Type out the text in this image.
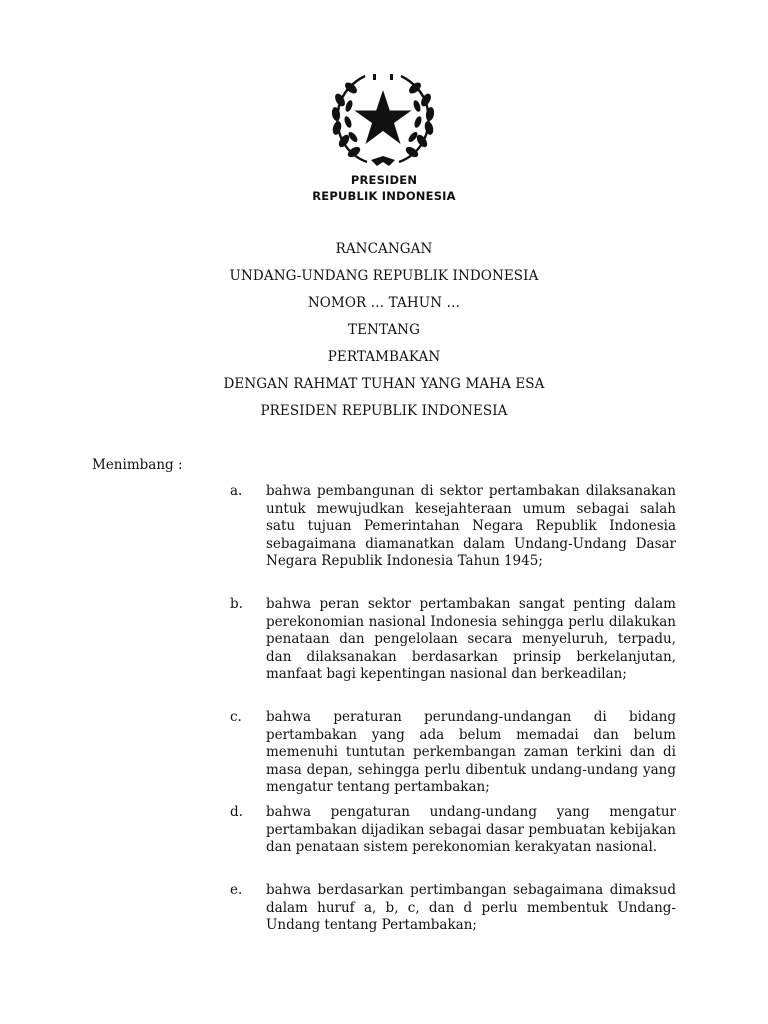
PRESIDEN
REPUBLIK INDONESIA
RANCANGAN
UNDANG-UNDANG REPUBLIK INDONESIA
NOMOR … TAHUN …
TENTANG
PERTAMBAKAN
DENGAN RAHMAT TUHAN YANG MAHA ESA
PRESIDEN REPUBLIK INDONESIA
Menimbang :
a. bahwa pembangunan di sektor pertambakan dilaksanakan untuk mewujudkan kesejahteraan umum sebagai salah satu tujuan Pemerintahan Negara Republik Indonesia sebagaimana diamanatkan dalam Undang-Undang Dasar Negara Republik Indonesia Tahun 1945;
b. bahwa peran sektor pertambakan sangat penting dalam perekonomian nasional Indonesia sehingga perlu dilakukan penataan dan pengelolaan secara menyeluruh, terpadu, dan dilaksanakan berdasarkan prinsip berkelanjutan, manfaat bagi kepentingan nasional dan berkeadilan;
c. bahwa peraturan perundang-undangan di bidang pertambakan yang ada belum memadai dan belum memenuhi tuntutan perkembangan zaman terkini dan di masa depan, sehingga perlu dibentuk undang-undang yang mengatur tentang pertambakan;
d. bahwa pengaturan undang-undang yang mengatur pertambakan dijadikan sebagai dasar pembuatan kebijakan dan penataan sistem perekonomian kerakyatan nasional.
e. bahwa berdasarkan pertimbangan sebagaimana dimaksud dalam huruf a, b, c, dan d perlu membentuk Undang-Undang tentang Pertambakan;
